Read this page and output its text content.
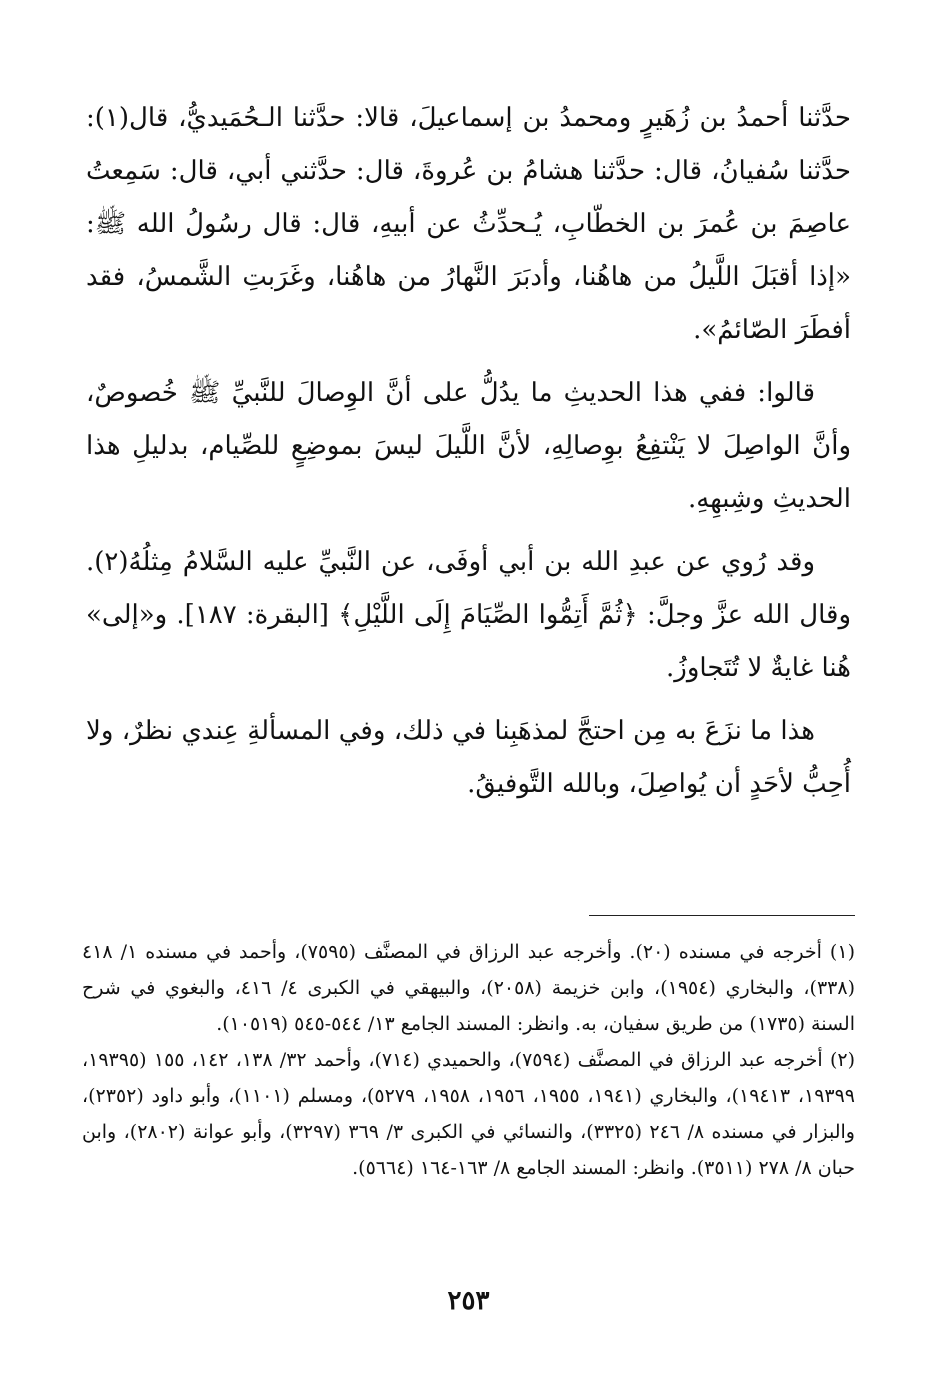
حدَّثنا أحمدُ بن زُهَيرٍ ومحمدُ بن إسماعيلَ، قالا: حدَّثنا الـحُمَيديُّ، قال(١): حدَّثنا سُفيانُ، قال: حدَّثنا هشامُ بن عُروةَ، قال: حدَّثني أبي، قال: سَمِعتُ عاصِمَ بن عُمرَ بن الخطّابِ، يُـحدِّثُ عن أبيهِ، قال: قال رسُولُ الله ﷺ: «إذا أقبَلَ اللَّيلُ من هاهُنا، وأدبَرَ النَّهارُ من هاهُنا، وغَرَبتِ الشَّمسُ، فقد أفطَرَ الصّائمُ».

قالوا: ففي هذا الحديثِ ما يدُلُّ على أنَّ الوِصالَ للنَّبيِّ ﷺ خُصوصٌ، وأنَّ الواصِلَ لا يَنْتفِعُ بوِصالِهِ، لأنَّ اللَّيلَ ليسَ بموضِعٍ للصِّيام، بدليلِ هذا الحديثِ وشِبهِهِ.

وقد رُوي عن عبدِ الله بن أبي أوفَى، عن النَّبيِّ عليه السَّلامُ مِثلُهُ(٢). وقال الله عزَّ وجلَّ: ﴿ثُمَّ أَتِمُّوا الصِّيَامَ إِلَى اللَّيْلِ﴾ [البقرة: ١٨٧]. و«إلى» هُنا غايةٌ لا تُتَجاوزُ.

هذا ما نزَعَ به مِن احتجَّ لمذهَبِنا في ذلك، وفي المسألةِ عِندي نظرٌ، ولا أُحِبُّ لأحَدٍ أن يُواصِلَ، وبالله التَّوفيقُ.

(١) أخرجه في مسنده (٢٠). وأخرجه عبد الرزاق في المصنَّف (٧٥٩٥)، وأحمد في مسنده ١/ ٤١٨ (٣٣٨)، والبخاري (١٩٥٤)، وابن خزيمة (٢٠٥٨)، والبيهقي في الكبرى ٤/ ٤١٦، والبغوي في شرح السنة (١٧٣٥) من طريق سفيان، به. وانظر: المسند الجامع ١٣/ ٥٤٤-٥٤٥ (١٠٥١٩).

(٢) أخرجه عبد الرزاق في المصنَّف (٧٥٩٤)، والحميدي (٧١٤)، وأحمد ٣٢/ ١٣٨، ١٤٢، ١٥٥ (١٩٣٩٥، ١٩٣٩٩، ١٩٤١٣)، والبخاري (١٩٤١، ١٩٥٥، ١٩٥٦، ١٩٥٨، ٥٢٧٩)، ومسلم (١١٠١)، وأبو داود (٢٣٥٢)، والبزار في مسنده ٨/ ٢٤٦ (٣٣٢٥)، والنسائي في الكبرى ٣/ ٣٦٩ (٣٢٩٧)، وأبو عوانة (٢٨٠٢)، وابن حبان ٨/ ٢٧٨ (٣٥١١). وانظر: المسند الجامع ٨/ ١٦٣-١٦٤ (٥٦٦٤).

٢٥٣
